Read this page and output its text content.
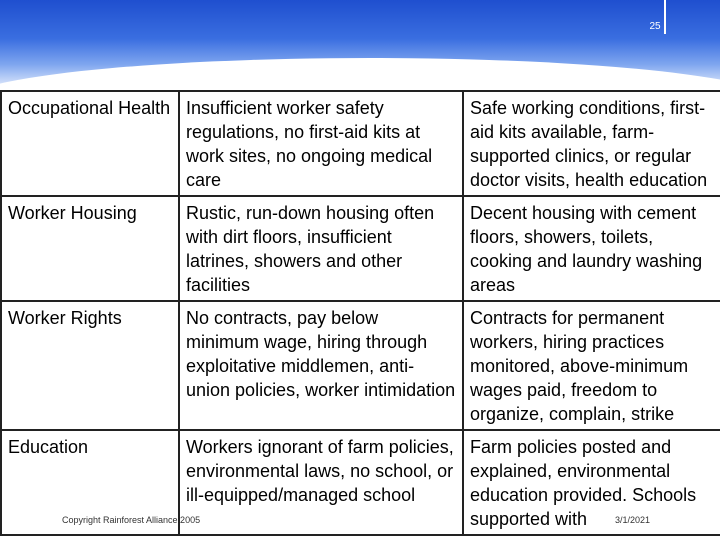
25
Occupational Health	Insufficient worker safety regulations, no first-aid kits at work sites, no ongoing medical care	Safe working conditions, first-aid kits available, farm-supported clinics, or regular doctor visits, health education
Worker Housing	Rustic, run-down housing often with dirt floors, insufficient latrines, showers and other facilities	Decent housing with cement floors, showers, toilets, cooking and laundry washing areas
Worker Rights	No contracts, pay below minimum wage, hiring through exploitative middlemen, anti-union policies, worker intimidation	Contracts for permanent workers, hiring practices monitored, above-minimum wages paid, freedom to organize, complain, strike
Education	Workers ignorant of farm policies, environmental laws, no school, or ill-equipped/managed school	Farm policies posted and explained, environmental education provided. Schools supported with
Copyright Rainforest Alliance 2005	3/1/2021
